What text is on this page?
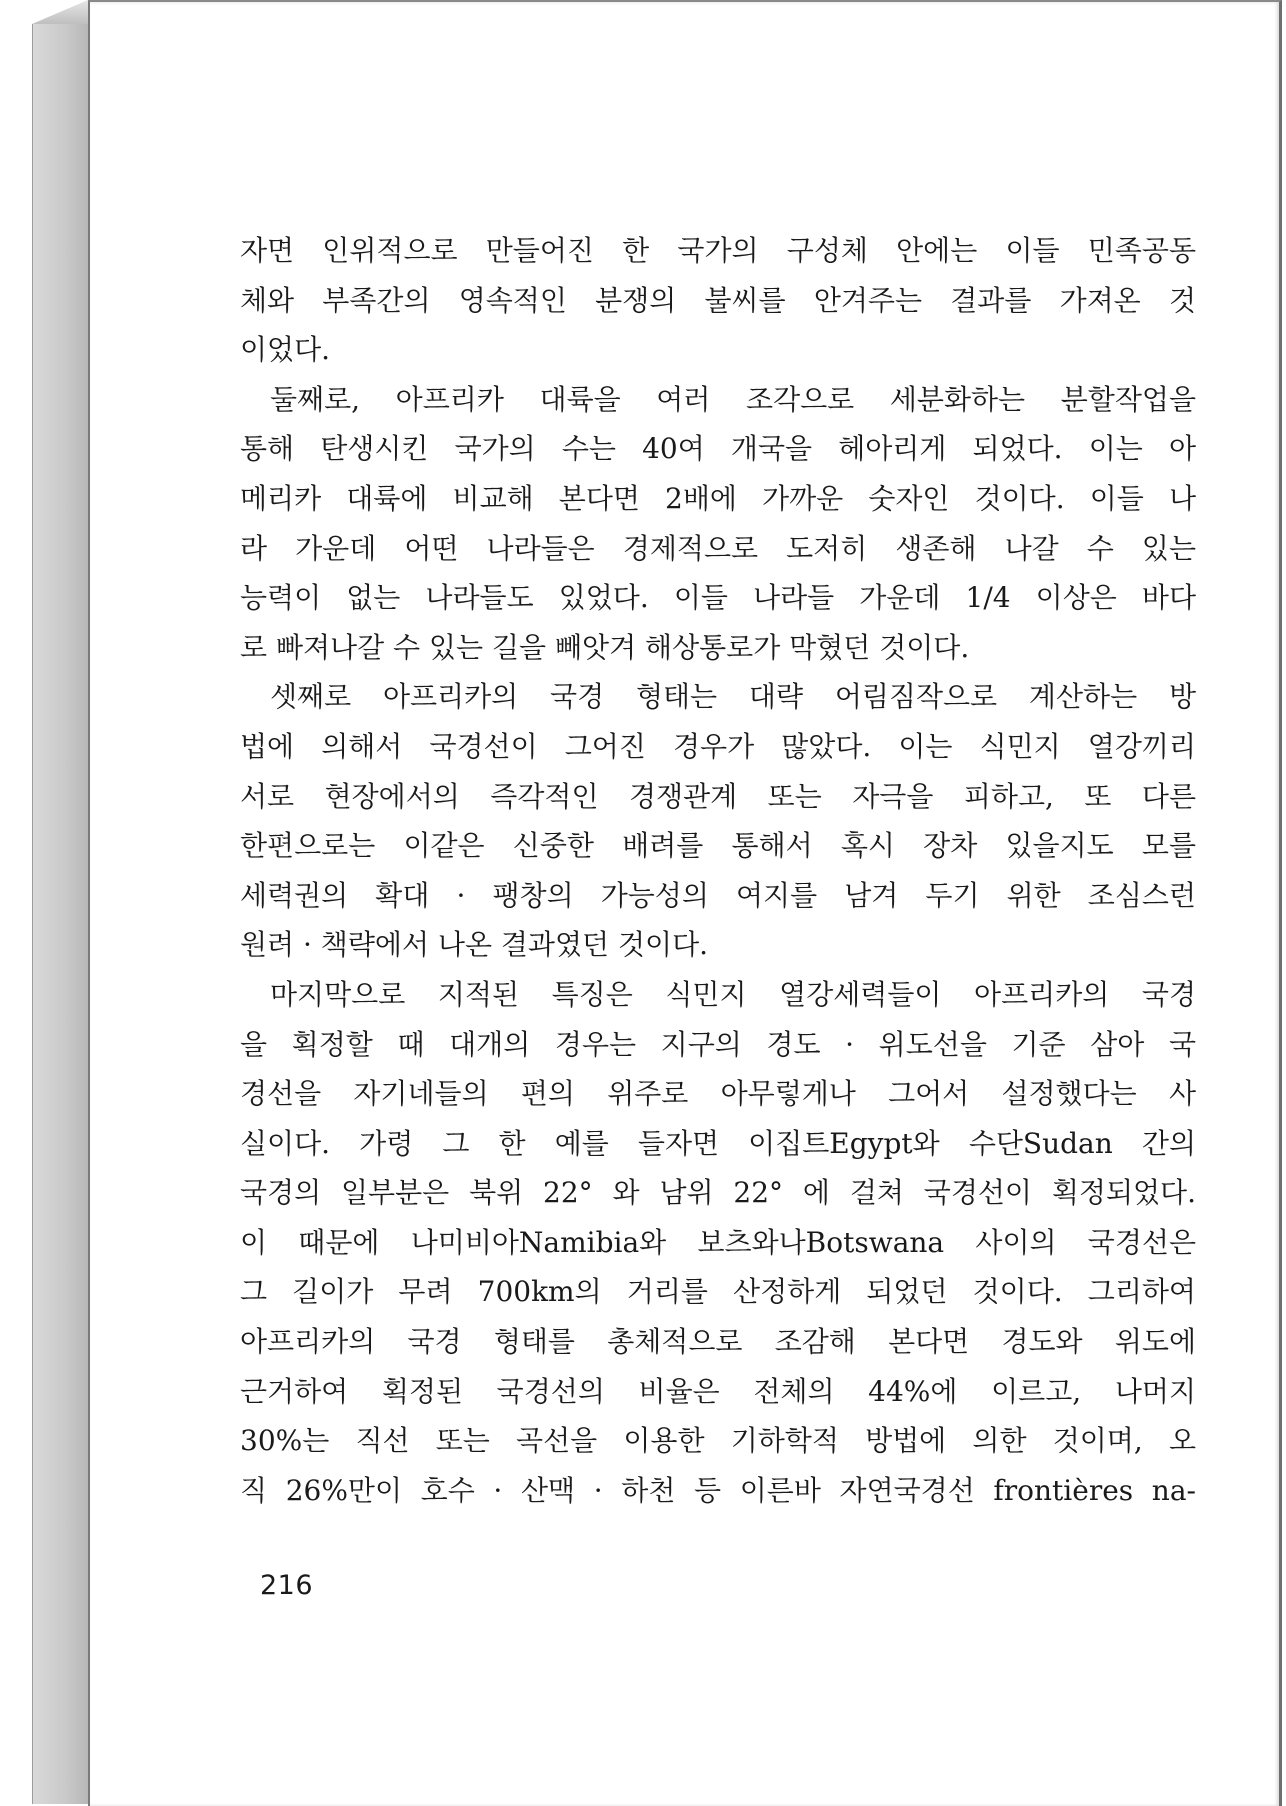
자면 인위적으로 만들어진 한 국가의 구성체 안에는 이들 민족공동
체와 부족간의 영속적인 분쟁의 불씨를 안겨주는 결과를 가져온 것
이었다.
둘째로, 아프리카 대륙을 여러 조각으로 세분화하는 분할작업을
통해 탄생시킨 국가의 수는 40여 개국을 헤아리게 되었다. 이는 아
메리카 대륙에 비교해 본다면 2배에 가까운 숫자인 것이다. 이들 나
라 가운데 어떤 나라들은 경제적으로 도저히 생존해 나갈 수 있는
능력이 없는 나라들도 있었다. 이들 나라들 가운데 1/4 이상은 바다
로 빠져나갈 수 있는 길을 빼앗겨 해상통로가 막혔던 것이다.
셋째로 아프리카의 국경 형태는 대략 어림짐작으로 계산하는 방
법에 의해서 국경선이 그어진 경우가 많았다. 이는 식민지 열강끼리
서로 현장에서의 즉각적인 경쟁관계 또는 자극을 피하고, 또 다른
한편으로는 이같은 신중한 배려를 통해서 혹시 장차 있을지도 모를
세력권의 확대 · 팽창의 가능성의 여지를 남겨 두기 위한 조심스런
원려 · 책략에서 나온 결과였던 것이다.
마지막으로 지적된 특징은 식민지 열강세력들이 아프리카의 국경
을 획정할 때 대개의 경우는 지구의 경도 · 위도선을 기준 삼아 국
경선을 자기네들의 편의 위주로 아무렇게나 그어서 설정했다는 사
실이다. 가령 그 한 예를 들자면 이집트Egypt와 수단Sudan 간의
국경의 일부분은 북위 22° 와 남위 22° 에 걸쳐 국경선이 획정되었다.
이 때문에 나미비아Namibia와 보츠와나Botswana 사이의 국경선은
그 길이가 무려 700km의 거리를 산정하게 되었던 것이다. 그리하여
아프리카의 국경 형태를 총체적으로 조감해 본다면 경도와 위도에
근거하여 획정된 국경선의 비율은 전체의 44%에 이르고, 나머지
30%는 직선 또는 곡선을 이용한 기하학적 방법에 의한 것이며, 오
직 26%만이 호수 · 산맥 · 하천 등 이른바 자연국경선 frontières na-
216
